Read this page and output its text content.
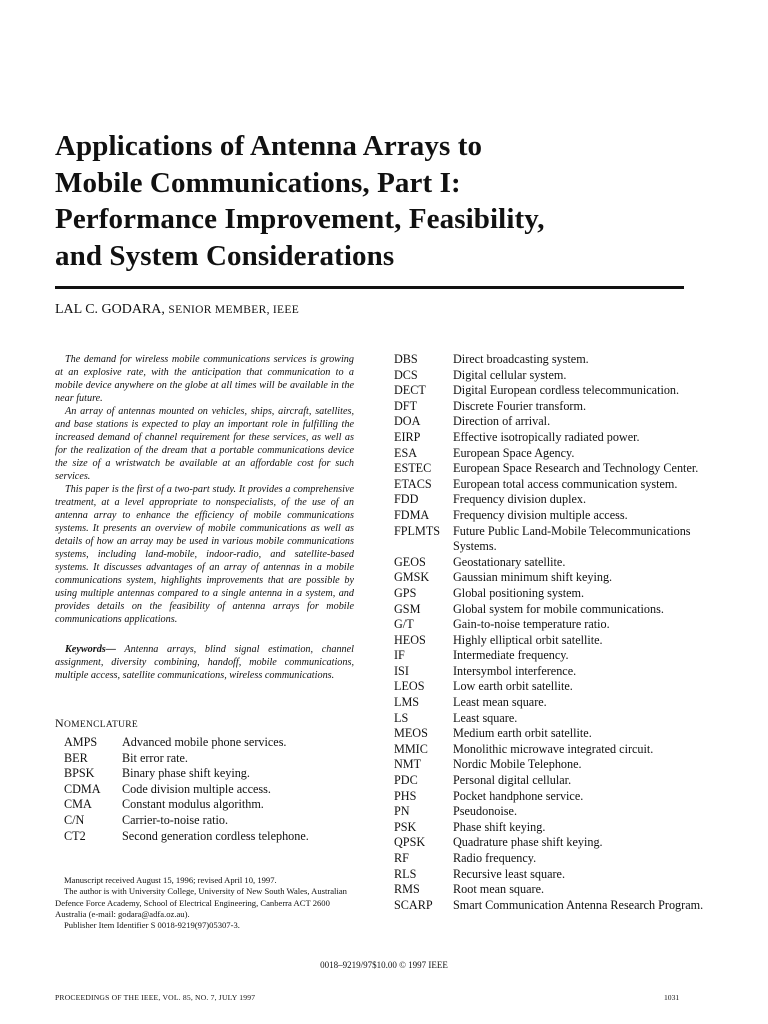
Applications of Antenna Arrays to
Mobile Communications, Part I:
Performance Improvement, Feasibility,
and System Considerations
LAL C. GODARA, SENIOR MEMBER, IEEE

The demand for wireless mobile communications services is growing at an explosive rate, with the anticipation that communication to a mobile device anywhere on the globe at all times will be available in the near future.

An array of antennas mounted on vehicles, ships, aircraft, satellites, and base stations is expected to play an important role in fulfilling the increased demand of channel requirement for these services, as well as for the realization of the dream that a portable communications device the size of a wristwatch be available at an affordable cost for such services.

This paper is the first of a two-part study. It provides a comprehensive treatment, at a level appropriate to nonspecialists, of the use of an antenna array to enhance the efficiency of mobile communications systems. It presents an overview of mobile communications as well as details of how an array may be used in various mobile communications systems, including land-mobile, indoor-radio, and satellite-based systems. It discusses advantages of an array of antennas in a mobile communications system, highlights improvements that are possible by using multiple antennas compared to a single antenna in a system, and provides details on the feasibility of antenna arrays for mobile communications applications.

Keywords— Antenna arrays, blind signal estimation, channel assignment, diversity combining, handoff, mobile communications, multiple access, satellite communications, wireless communications.
NOMENCLATURE
AMPS	Advanced mobile phone services.
BER	Bit error rate.
BPSK	Binary phase shift keying.
CDMA	Code division multiple access.
CMA	Constant modulus algorithm.
C/N	Carrier-to-noise ratio.
CT2	Second generation cordless telephone.
DBS	Direct broadcasting system.
DCS	Digital cellular system.
DECT	Digital European cordless telecommunication.
DFT	Discrete Fourier transform.
DOA	Direction of arrival.
EIRP	Effective isotropically radiated power.
ESA	European Space Agency.
ESTEC	European Space Research and Technology Center.
ETACS	European total access communication system.
FDD	Frequency division duplex.
FDMA	Frequency division multiple access.
FPLMTS	Future Public Land-Mobile Telecommunications Systems.
GEOS	Geostationary satellite.
GMSK	Gaussian minimum shift keying.
GPS	Global positioning system.
GSM	Global system for mobile communications.
G/T	Gain-to-noise temperature ratio.
HEOS	Highly elliptical orbit satellite.
IF	Intermediate frequency.
ISI	Intersymbol interference.
LEOS	Low earth orbit satellite.
LMS	Least mean square.
LS	Least square.
MEOS	Medium earth orbit satellite.
MMIC	Monolithic microwave integrated circuit.
NMT	Nordic Mobile Telephone.
PDC	Personal digital cellular.
PHS	Pocket handphone service.
PN	Pseudonoise.
PSK	Phase shift keying.
QPSK	Quadrature phase shift keying.
RF	Radio frequency.
RLS	Recursive least square.
RMS	Root mean square.
SCARP	Smart Communication Antenna Research Program.

Manuscript received August 15, 1996; revised April 10, 1997.

The author is with University College, University of New South Wales, Australian Defence Force Academy, School of Electrical Engineering, Canberra ACT 2600 Australia (e-mail: godara@adfa.oz.au).

Publisher Item Identifier S 0018-9219(97)05307-3.

0018–9219/97$10.00 © 1997 IEEE
PROCEEDINGS OF THE IEEE, VOL. 85, NO. 7, JULY 1997	1031
